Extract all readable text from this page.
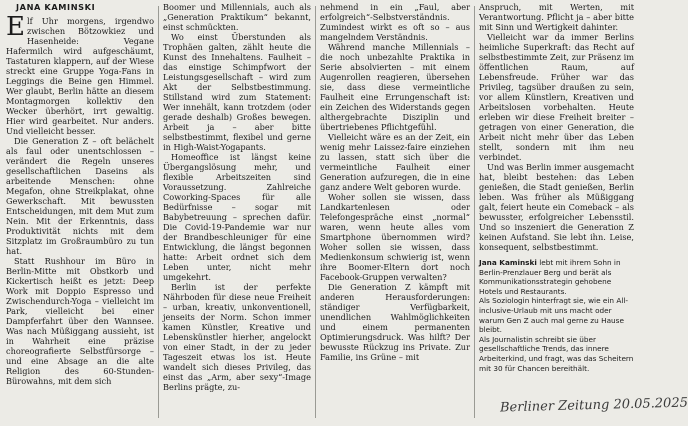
JANA KAMINSKI

Elf Uhr morgens, irgendwo zwischen Bötzowkiez und Hasenheide: Vegane Hafermilch wird aufgeschäumt, Tastaturen klappern, auf der Wiese streckt eine Gruppe Yoga-Fans in Leggings die Beine gen Himmel. Wer glaubt, Berlin hätte an diesem Montagmorgen kollektiv den Wecker überhört, irrt gewaltig. Hier wird gearbeitet. Nur anders. Und vielleicht besser.

Die Generation Z – oft belächelt als faul oder unentschlossen – verändert die Regeln unseres gesellschaftlichen Daseins als arbeitende Menschen: ohne Megafon, ohne Streikplakat, ohne Gewerkschaft. Mit bewussten Entscheidungen, mit dem Mut zum Nein. Mit der Erkenntnis, dass Produktivität nichts mit dem Sitzplatz im Großraumbüro zu tun hat.

Statt Rushhour im Büro in Berlin-Mitte mit Obstkorb und Kickertisch heißt es jetzt: Deep Work mit Doppio Espresso und Zwischendurch-Yoga – vielleicht im Park, vielleicht bei einer Dampferfahrt über den Wannsee. Was nach Müßiggang aussieht, ist in Wahrheit eine präzise choreografierte Selbstfürsorge – und eine Absage an die alte Religion des 60-Stunden-Bürowahns, mit dem sich

Boomer und Millennials, auch als „Generation Praktikum“ bekannt, einst schmückten.

Wo einst Überstunden als Trophäen galten, zählt heute die Kunst des Innehaltens. Faulheit – das einstige Schimpfwort der Leistungsgesellschaft – wird zum Akt der Selbstbestimmung. Stillstand wird zum Statement: Wer innehält, kann trotzdem (oder gerade deshalb) Großes bewegen. Arbeit ja – aber bitte selbstbestimmt, flexibel und gerne in High-Waist-Yogapants.

Homeoffice ist längst keine Übergangslösung mehr, und flexible Arbeitszeiten sind Voraussetzung. Zahlreiche Coworking-Spaces für alle Bedürfnisse – sogar mit Babybetreuung – sprechen dafür. Die Covid-19-Pandemie war nur der Brandbeschleuniger für eine Entwicklung, die längst begonnen hatte: Arbeit ordnet sich dem Leben unter, nicht mehr umgekehrt.

Berlin ist der perfekte Nährboden für diese neue Freiheit – urban, kreativ, unkonventionell, jenseits der Norm. Schon immer kamen Künstler, Kreative und Lebenskünstler hierher, angelockt von einer Stadt, in der zu jeder Tageszeit etwas los ist. Heute wandelt sich dieses Privileg, das einst das „Arm, aber sexy“-Image Berlins prägte, zu-

nehmend in ein „Faul, aber erfolgreich“-Selbstverständnis. Zumindest wirkt es oft so – aus mangelndem Verständnis.

Während manche Millennials – die noch unbezahlte Praktika in Serie absolvierten – mit einem Augenrollen reagieren, übersehen sie, dass diese vermeintliche Faulheit eine Errungenschaft ist: ein Zeichen des Widerstands gegen althergebrachte Disziplin und übertriebenes Pflichtgefühl.

Vielleicht wäre es an der Zeit, ein wenig mehr Laissez-faire einziehen zu lassen, statt sich über die vermeintliche Faulheit einer Generation aufzuregen, die in eine ganz andere Welt geboren wurde.

Woher sollen sie wissen, dass Landkartenlesen oder Telefongespräche einst „normal“ waren, wenn heute alles vom Smartphone übernommen wird? Woher sollen sie wissen, dass Medienkonsum schwierig ist, wenn ihre Boomer-Eltern dort noch Facebook-Gruppen verwalten?

Die Generation Z kämpft mit anderen Herausforderungen: ständiger Verfügbarkeit, unendlichen Wahlmöglichkeiten und einem permanenten Optimierungsdruck. Was hilft? Der bewusste Rückzug ins Private. Zur Familie, ins Grüne – mit

Anspruch, mit Werten, mit Verantwortung. Pflicht ja – aber bitte mit Sinn und Wertigkeit dahinter.

Vielleicht war da immer Berlins heimliche Superkraft: das Recht auf selbstbestimmte Zeit, zur Präsenz im öffentlichen Raum, auf Lebensfreude. Früher war das Privileg, tagsüber draußen zu sein, vor allem Künstlern, Kreativen und Arbeitslosen vorbehalten. Heute erleben wir diese Freiheit breiter – getragen von einer Generation, die Arbeit nicht mehr über das Leben stellt, sondern mit ihm neu verbindet.

Und was Berlin immer ausgemacht hat, bleibt bestehen: das Leben genießen, die Stadt genießen, Berlin leben. Was früher als Müßiggang galt, feiert heute ein Comeback – als bewusster, erfolgreicher Lebensstil. Und so inszeniert die Generation Z keinen Aufstand. Sie lebt ihn. Leise, konsequent, selbstbestimmt.

Jana Kaminski lebt mit ihrem Sohn in Berlin-Prenzlauer Berg und berät als Kommunikationsstrategin gehobene Hotels und Restaurants.

Als Soziologin hinterfragt sie, wie ein All-inclusive-Urlaub mit uns macht oder warum Gen Z auch mal gerne zu Hause bleibt.

Als Journalistin schreibt sie über gesellschaftliche Trends, das innere Arbeiterkind, und fragt, was das Scheitern mit 30 für Chancen bereithält.

Berliner Zeitung 20.05.2025
